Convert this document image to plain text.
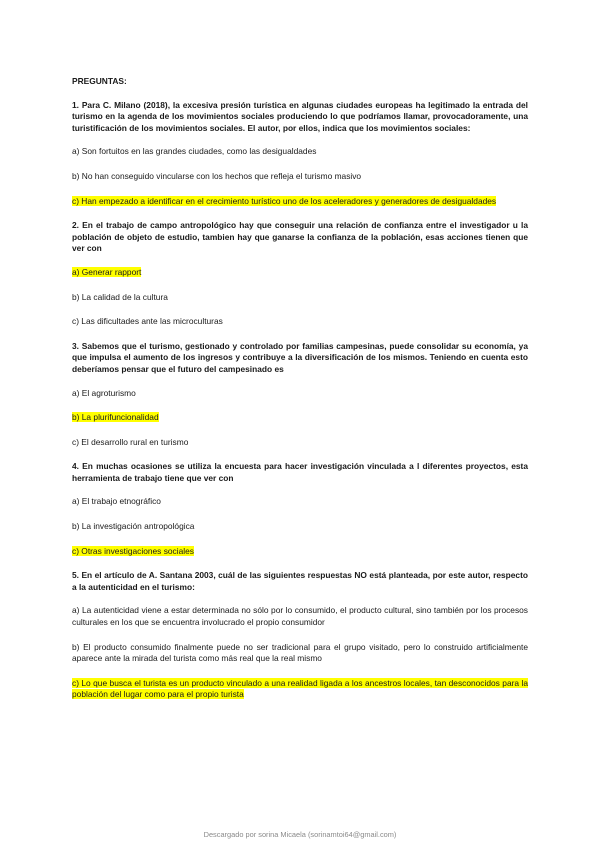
PREGUNTAS:

1. Para C. Milano (2018), la excesiva presión turística en algunas ciudades europeas ha legitimado la entrada del turismo en la agenda de los movimientos sociales produciendo lo que podríamos llamar, provocadoramente, una turistificación de los movimientos sociales. El autor, por ellos, indica que los movimientos sociales:

a) Son fortuitos en las grandes ciudades, como las desigualdades

b) No han conseguido vincularse con los hechos que refleja el turismo masivo

c) Han empezado a identificar en el crecimiento turístico uno de los aceleradores y generadores de desigualdades

2. En el trabajo de campo antropológico hay que conseguir una relación de confianza entre el investigador u la población de objeto de estudio, tambien hay que ganarse la confianza de la población, esas acciones tienen que ver con

a) Generar rapport

b) La calidad de la cultura

c) Las dificultades ante las microculturas

3. Sabemos que el turismo, gestionado y controlado por familias campesinas, puede consolidar su economía, ya que impulsa el aumento de los ingresos y contribuye a la diversificación de los mismos. Teniendo en cuenta esto deberíamos pensar que el futuro del campesinado es

a) El agroturismo

b) La plurifuncionalidad

c) El desarrollo rural en turismo

4. En muchas ocasiones se utiliza la encuesta para hacer investigación vinculada a l diferentes proyectos, esta herramienta de trabajo tiene que ver con

a) El trabajo etnográfico

b) La investigación antropológica

c) Otras investigaciones sociales

5. En el artículo de A. Santana 2003, cuál de las siguientes respuestas NO está planteada, por este autor, respecto a la autenticidad en el turismo:

a) La autenticidad viene a estar determinada no sólo por lo consumido, el producto cultural, sino también por los procesos culturales en los que se encuentra involucrado el propio consumidor

b) El producto consumido finalmente puede no ser tradicional para el grupo visitado, pero lo construido artificialmente aparece ante la mirada del turista como más real que la real mismo

c) Lo que busca el turista es un producto vinculado a una realidad ligada a los ancestros locales, tan desconocidos para la población del lugar como para el propio turista

Descargado por sorina Micaela (sorinamtoi64@gmail.com)
